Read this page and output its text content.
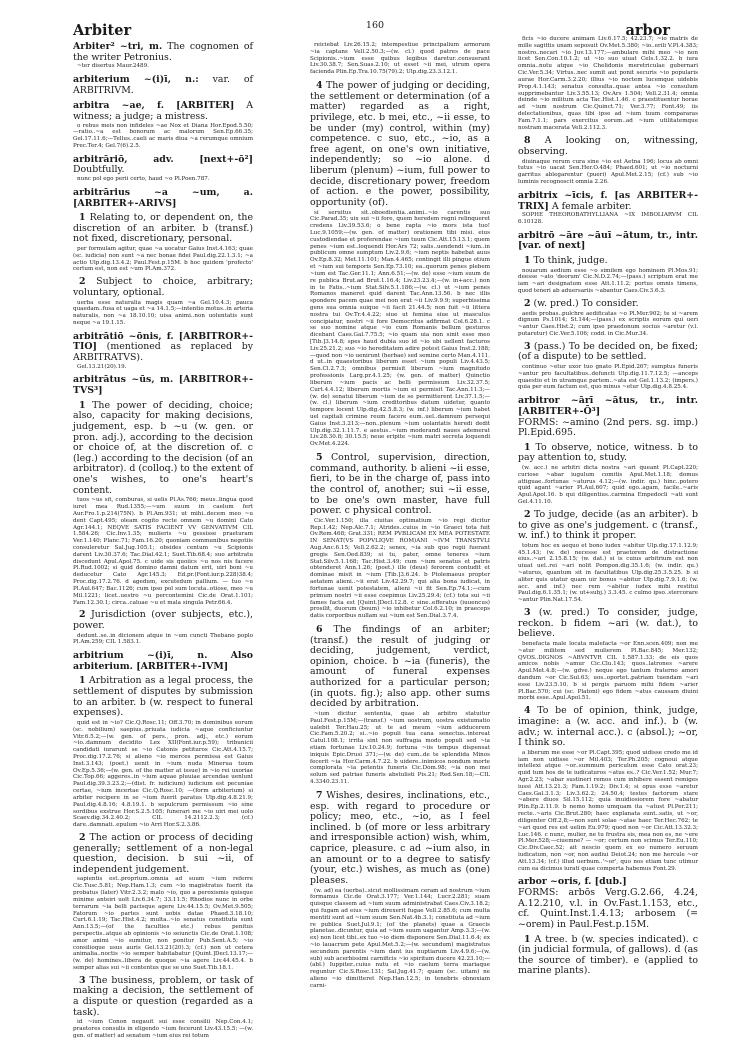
Arbiter	160	arbor
Arbiter² ~tri, m. The cognomen of the writer Petronius.
~ter disertus Maur.2489.
arbiterium ~(i)ī, n.: var. of ARBITRIVM.
arbitra ~ae, f. [ARBITER] A witness; a judge; a mistress.
o rebus meis non infideles ~ae Nox et Diana Hor.Epod.5.50;—ratio..~a est bonorum ac malorum Sen.Ep.66.35; Gel.17.11.6;—Tellus..caeli ac maris diua ~a rerumque omnium Prec.Ter.4; Gel.7(6).2.5.
arbitrāriō, adv. [next+-ō²] Doubtfully.
nunc pol ego perii certo, haud ~o Pl.Poen.787.
arbitrārius ~a ~um, a. [ARBITER+-ARIVS]
1 Relating to, or dependent on, the discretion of an arbiter. b (transf.) not fixed, discretionary, personal.
per formulam agitur, quae ~a uocatur Gaius Inst.4.163; quae (sc. iudicia) non sunt ~a nec bonae fidei Paul.dig.22.1.3.1; ~a actio Ulp.dig.13.4.2; Paul.Fest.p.15M. b hoc quidem 'profecto' certum est, non est ~um Pl.Am.372.
2 Subject to choice, arbitrary; voluntary, optional.
uerba esse naturalia magis quam ~a Gel.10.4.3; pauca quaedam..fusa et uaga et ~a 14.1.5;—intentio motus..in arteria naturalis, non ~a 18.10.10; uisa animi..non uoluntatis sunt neque ~a 19.1.15.
arbitrātiō ~ōnis, f. [ARBITROR+-TIO] (mentioned as replaced by ARBITRATVS).
Gel.13.21(20).19.
arbitrātus ~ūs, m. [ARBITROR+-TVS³]
1 The power of deciding, choice; also, capacity for making decisions, judgement, esp. b ~u (w. gen. or pron. adj.), according to the decision or choice of, at the discretion of. c (leg.) according to the decision (of an arbitrator). d (colloq.) to the extent of one's wishes, to one's heart's content.
tuos ~us sit, comburas, si uelis Pl.As.766; meus..lingua quod iuret mea Rud.1355;—~um suum in caelum fert Aur.Fro.1.p.214(75N). b Pl.Am.931; ut mihi..decem meo ~u dent Capt.495; oleam cogito recte omnem ~u domini Cato Agr.144.1; NEQVE SATIS FACIENT VV GENVATIVM CIL 1.584.26; Cic.Inv.1.35; mulieris ~u gessisse praeturam Ver.1.140; Planc.71; Fam.16.20; quoniam communibus negotiis consuleretur Sal.Jug.105.1; obsides centum ~u Scipionis darent Liv.30.37.6; Tac.Dial.42.1; Suet.Tib.68.4; suo arbitratu discedunt Apul.Apol.75. c uide sis quoiics ~u nos nis facere Pl.Rud.1002; si quid domino damni datum erit, uiri boni ~u deducetur Cato Agr.145.3; Ed.pr.(Font.iur.p.228)38.4; Proc.dig.17.2.76. d agedum, excutedum pallium. — tuo ~u Pl.Aul.647; Bac.1126; cum ipso pol sum locuta..otiose, meo ~u Mil.1221; licet..uestro ~u percontemini Cic.de Orat.1.101; Fam.12.30.1; circa..caluae ~u et mala singula Petr.66.4.
2 Jurisdiction (over subjects, etc.), power.
dedunt..se..in dicionem atque in ~um cuncti Thebano poplo Pl.Am.259; CIL 1.583.1.
arbitrium ~(i)ī, n. Also arbiterium. [ARBITER+-IVM]
1 Arbitration as a legal process, the settlement of disputes by submission to an arbiter. b (w. respect to funeral expenses).
quid est in ~io? Cic.Q.Rosc.11; Off.3.70; in dominibus eorum (sc. nobilium) saepius..priuata iudicia ~aque conficiuntur Vitr.6.5.2;—(w. gen. of pers., pron. adj., etc.) eorum ~io..damnum decidito Lex XII(Font.iur.p.59); tribunicii candidati iurarunt se ~io Catonis petituros Cic.Att.4.15.7; Proc.dig.17.2.76; si alieno ~io merces permissa est Gaius Inst.3.143; (poet.) uenit in ~ium nuda Minerua tuum Ov.Ep.5.36;—(w. gen. of the matter at issue) in ~io rei uxoriae Cic.Top.66; aggeres..in ~ium aquae pluuiae arcendae uenlunt Paul.dig.39.3.23.2;—(dist. fr. iudicium) iudicium est pecuniae certae, ~ium incertae Cic.Q.Rosc.10; —(form arbiterium) si arbiter recipere in se ~ium fuerit paratus Ulp.dig.4.8.21.9; Paul.dig.4.8.16; 4.8.19.1. b sepulcrum permissum ~io sine sordibus exstrue Hor.S.2.5.105; funerari me ~io uiri mei uolo Scaev.dig.34.2.40.2; CIL 14.2112.2.3; (cf.) dare..damnati..epulum ~io Arri Hor.S.2.3.86.
2 The action or process of deciding generally; settlement of a non-legal question, decision. b sui ~ii, of independent judgement.
sapientis est..proprium..omnia ad suum ~ium referre Cic.Tusc.5.81; Nep.Ham.1.3; cum ~io magistratus fuerit ita probatus (later) Vitr.2.3.2; malo ~io, quo a peroxismis quisque minime anteiri uolt Liv.6.34.7; 33.11.5; Rhodios nunc in orbe terrarum ~ia belli pacisque agere Liv.44.15.5; Ov.Met.9.505; Fatorum ~io partes sunt uobis datae Phaed.3.18.10; Curt.6.1.19; Tac.Hist.4.2; multa..~io senatus constituta sunt Ann.13.5;—(of the faculties etc.) rebus penitus perspectis..atque ab opinionis ~io seiunctis Cic.de Orat.1.108; amor animi ~io sumitur, non ponitur Pub.Sent.A.5; ~io consilioque usus auris Gel.13.21(20).3; (cf.) non ut cetera animalia..noctis ~io semper habitabatur [Quint.]Decl.13.17;—(w. de) homines..libera de quoque ~ia agere Liv.44.45.4. b semper alias sui ~ii contentus que se uno Suet.Tib.18.1.
3 The business, problem, or task of making a decision, the settlement of a dispute or question (regarded as a task).
id ~ium Conon negauit sui esse consilii Nep.Con.4.1; praetores consulis in eligendo ~ium fecerunt Liv.43.15.5; —(w. gen. of matter) ad senatum ~ium eius rei totum
reiciebat Liv.26.15.2; intempestiue principalium armorum ~ia captans Vell.2.50.3;—(w. cl.) quod patres de pace Scipionis..~ium esse quibus legibus daretur..censuerant Liv.30.38.7; Sen.Suas.2.10; ut esset ~ii mei, utrum opera facienda Plin.Ep.Tra.10.75(79).2; Ulp.dig.23.3.12.1.
4 The power of judging or deciding, the settlement or determination (of a matter) regarded as a right, privilege, etc. b mei, etc., ~ii esse, to be under (my) control, within (my) competence. c suo, etc., ~io, as a free agent, on one's own initiative, independently; so ~io alone. d liberum (plenum) ~ium, full power to decide, discretionary power, freedom of action. e the power, possibility, opportunity (of).
si seruitus sit..oboedientia..animi..~io carentis suo Cic.Parad.35; uix sui ~ii fore, quem heredem regni relinqueret credens Liv.39.53.6; o bene rapta ~io mors ista tuo! Luc.9.1059;—(w. gen. of matter) orationem tibi misi. eius custodiendae et proferendae ~ium tuum Cic.Att.15.13.1; quem penes ~ium est..loquendi Hor.Ars 72; salis..uendendi ~ium..in publicum omne sumptum Liv.2.9.6; ~ium neptis habebat auus Ov.Ep.8.32; Met.11.101; Man.4.465; contingit illi pingue otium et ~ium sui temporis Sen.Ep.73.10; ea..quorum penes plebem ~ium est Tac.Ger.11.1; Ann.6.51;—(w. de) esse ~ium suum de re publica Brut.ad Brut.1.16.4; Liv.23.23.4;—(w. in+acc.) non in te Fatis..~ium Stat.Silv.5.1.186;—(w. cl.) ut ~ium penes Romanos maneret quid darent Tac.Ann.13.56. b nec illis spondere pacem quae mei non erat ~ii Liv.9.9.9; superbissima gens sua omnia suique ~ii facit 21.44.5; non fuit ~ii littera nostra tui Ov.Tr.4.4.22; siue ut femina siue ut masculus concipiatur, nostri ~ii fore Democritus adfirmat Col.6.28.1. c se suo nomine atque ~io cum Romanis bellum gesturos dicebant Caes.Gal.7.75.5; ~io quam uia non sinit esse meo [Tib.]3.14.8; spes haud dubia suo id ~io ubi uellent facturos Liv.25.21.2; suo ~io hereditatem adire potest Gaius Inst.2.188;—quod non ~io uenirunt (herbae) sed semine certo Man.4.111. d ut..in quaestoribus liberum esset ~ium populi Liv.4.43.5; Sen.Cl.2.7.3; omnibus permisit liberum ~ium magnitudo professionis Larg.pr.4.1.25; (w. gen. of matter) Quinctio liberum ~ium pacis ac belli permissum Liv.32.37.5; Curt.4.4.12; liberum mortis ~ium ei permisit Tac.Ann.11.3;—(w. de) senatui liberum ~ium de se permitterent Liv.37.1.5;—(w. cl.) liberum ~ium creditoribus datum uidetur, quanto tempore locent Ulp.dig.42.5.8.3; (w. inf.) liberum ~ium habet uel capitali crimine reum facere eum..uel..damnum persequi Gaius Inst.3.213;—non..plenum ~ium uolantatis heredi dedit Ulp.dig.32.1.11.7. e aestus..~ium moderandi naues ademerat Liv.28.30.8; 30.15.5; neue eripite ~ium matri secreta loquendi Ov.Met.4.224.
5 Control, supervision, direction, command, authority. b alieni ~ii esse, fieri, to be in the charge of, pass into the control of, another; sui ~ii esse, to be one's own master, have full power. c physical control.
Cic.Ver.1.150; illa ciuitas optimatium ~io regi dicitur Rep.1.42; Nep.Alc.7.1; Atrides..cuius in ~io Graeci tota fuit Ov.Rem.468; Grat.331; REM PVBLICAM EX MEA POTESTATE IN SENAT(VS POPVLIQVE ROM)ANI ~IVM TRANSTVLI Aug.Anc.6.15; Vell.2.62.2; senex, ~ia sub quo regii fuerant gregis Sen.Oed.839; si tu, pater, omne teneres ~ium Stat.Silv.5.1.168; Tac.Hist.3.49; cum ~ium senatus et patris obtenderet Ann.1.26; (poet.) ille (deus) ferorem contudit et dominae misit in ~ium [Tib.]3.6.24. b Ptolemaeus propter aetatem alieni..~ii erat Liv.42.29.7; qui alia bona iudicat, in fortunae uenit potestatem, alieni ~ii fit Sen.Ep.74.1;—cum primum nostri ~ii esse coepimus Liv.25.29.4; (cf.) tota sui ~ii fames facta est [Quint.]Decl.12.8. c sine..efferatus (iuuencus) prosilit, duorum (boum) ~io inhibetur Col.6.2.10; in praeceps datis corporibus nullam sui ~ium est Sen.Dial.3.7.4.
6 The findings of an arbiter; (transf.) the result of judging or deciding, judgement, verdict, opinion, choice. b ~ia (funeris), the amount of funeral expenses authorized for a particular person; (in quots. fig.); also app. other sums decided by arbitration.
~ium dicitur sententia, quae ab arbitro statuitur Paul.Fest.p.15M;—(transf.) ~ium uostrum, uostra existumatio ualebit Ter.Hau.25; ut te ad meum ~ium adducerem Cic.Fam.5.20.2; si..~io populi tua cana senectus..intereat Catul.108.1; irrita sint non suffragia modo populi sed ~ia etiam fortunae Liv.10.24.9; fortuna ~iis tempus dispensat iniquis Epic.Drusi 371;—(w. de) cum..de te splendida Minos fecerit ~ia Hor.Carm.4.7.22. b uidere..inimicos nondum morte complorata ~ia petentis funeris Cic.Dom.98; ~ia non mei solum sed patriae funeris abstulisti Pis.21; Red.Sen.18;—CIL 4.3340.23.11.
7 Wishes, desires, inclinations, etc., esp. with regard to procedure or policy; meo, etc., ~io, as I feel inclined. b (of more or less arbitrary and irresponsible action) wish, whim, caprice, pleasure. c ad ~ium also, in an amount or to a degree to satisfy (your, etc.) wishes, as much as (one) pleases.
(w. ad) ea (uerba)..sicut mollissimam ceram ad nostrum ~ium formamus Cic.de Orat.3.177; Ver.1.144; Lucr.2.281; suam quisque classem ad ~ium suum administrabat Caes.Civ.3.18.2; qui fugam ad eius ~ium direxerit fugae Vell.2.85.6; cum multa mentiti sunt ad ~ium suum Sen.Nat.4b.3.1; constituta ad ~ium re publica Suet.Jul.9.1; (of the planets) quae a Graecis planetae..dicuntur, quia ad ~ium suum uagantur Amp.3.3;—(w. ex) non licet tibi..ex tuo ~io diem disponere Sen.Dial.11.6.4; ex ~io lauacrum pete Apul.Met.5.2;—(w. secundum) magistratus secundum parentis ~ium dant ius nuptiarum Liv.4.9.6;—(w. sub) sub acerbissimi carnificis ~io spiritum ducere 42.23.10;—(abl.) Iuppiter..cuius nutu et ~io caelum terra mariaque reguntur Cic.S.Rosc.131; Sal.Jug.41.7; quam (sc. uitam) ne alieno ~io dimitteret Nep.Han.12.5; in tenebris obnoxiam carni-
ficis ~io ducere animam Liv.6.17.5; 42.23.7; ~io matris de mille sagittis unam seposuit Ov.Met.5.380; ~io..erili V.Pl.4.383; nostro..necari ~io Juv.13.177;—ambulare mihi meo ~io non licet Sen.Con.10.1.2; ut ~io suo uiuat Cels.1.32.2. b iura omnia..nutu atque ~io Chelidonis meretriculae gubernari Cic.Ver.5.34; Virtus..nec sumit aut ponit securis ~io popularis aurae Hor.Carm.3.2.20; illius ~io noctem lucemque uidebis Prop.4.1.143; senatus consulta..quae antea ~io consulum supprimebantur Liv.3.55.13; Ov.Ars 1.504; Vell.2.31.4; omnia deinde ~io militum acta Tac.Hist.1.46. c praestituentur horae ad ~ium nostrum Cic.Quinct.71; Ver.3.77; Font.49; iis delectationibus, quas tibi ipse ad ~ium tuum compararas Fam.7.1.1; pars exercitus eorum..ad ~ium utilitatemque nostram macerata Vell.2.112.3.
8 A looking on, witnessing, observing.
diuinaque rerum cura sine ~io est Aetna 196; locus ab omni tutus ~io uacat Sen.Her.O.484; Phaed.601; ut ~io nocturni garritus ablegarentur (pueri) Apul.Met.2.15; (cf.) sub ~io luminis recognoscit omnia 2.26.
arbitrix ~īcis, f. [as ARBITER+-TRIX] A female arbiter.
SOPHE THEOROBATHYLLIANA ~IX IMBOLIARVM CIL 6.10128.
arbitrō ~āre ~āuī ~ātum, tr., intr. [var. of next]
1 To think, judge.
nouarum aedium esse ~o similem ego hominem Pl.Mos.91; deesse ~ato 'deorum' Cic.N.D.2.74;—(pass.) scriptum erat me iam ~ari designatum esse Att.1.11.2; portus omnis timens, quod teneri ab aduersariis ~abantur Caes.Civ.3.6.3.
2 (w. pred.) To consider.
aedis probas..pulchre aedificatas ~o Pl.Mer.902; te si ~arem dignum Ps.1014; St.144;—(pass.) ex scriptis eorum qui ueri ~antur Caes.Hist.2; cum ipse praedonum socius ~aretur (v.l. putaretur) Cic.Ver.5.106; codd. in Cic.Mur.34.
3 (pass.) To be decided on, be fixed; (of a dispute) to be settled.
continuo ~etur uxor tuo gnato Pl.Epid.267; sumptus funeris ~antur pro facultatibus..defuncti Ulp.dig.11.7.12.5; —anceps quaestio et in utramque partem..~ata est Gel.1.13.2; (impers.) quia per eum factum est, quo minus ~etur Ulp.dig.4.8.25.4.
arbitror ~ārī ~ātus, tr., intr. [ARBITER+-Ō³]
FORMS: ~amino (2nd pers. sg. imp.) Pl.Epid.695.
1 To observe, notice, witness. b to pay attention to, study.
(w. acc.) ne arbitri dicta nostra ~ari queant Pl.Capt.220; curiose ~abar iugulum comitis Apul.Met.1.18; domus attiguae..fortunas ~aturus 4.12;—(w. indir. qu.) hinc..potero quid agant ~arier Pl.Aul.607; quid ego..agam, facile..~aris Apul.Apol.16. b qui diligentius..carmina Empedocli ~ati sunt Gel.4.11.10.
2 To judge, decide (as an arbiter). b to give as one's judgement. c (transf., w. inf.) to think it proper.
totum hoc ex aequo et bono iudex ~abitur Ulp.dig.17.1.12.9; 45.1.43; (w. de) necesse est praetorem de distractione eius..~ari 2.15.8.15; (w. dat.) si is cuius arbitrium est non uiuat uel..rei ~ari nolit Pompon.dig.35.1.6; (w. indir. qu.) ~aturus, quantum sit in facultatibus Ulp.dig.25.3.5.25. b si aliter quis utatur quam uir bonus ~abitur Ulp.dig.7.9.1.6; (w. acc. and inf.) nec rem ~abitur iudex mihi restitui Paul.dig.6.1.35.1; (w. ut+subj.) 3.3.45. c culmo ipso..stercorare ~antur Plin.Nat.17.54.
3 (w. pred.) To consider, judge, reckon. b fidem ~ari (w. dat.), to believe.
benefacta male locata malefacta ~or Enn.scen.409; non me ~atur militem sed mulierem Pl.Bac.845; Mer.132; QVOS..DIGNOS ~ABVNTVR CIL 1.587.1.33; de eis quos amicos nobis ~amur Cic.Clu.143; quos..latrones ~arere Apul.Met.4.8;—(w. gdve.) neque ego tantum fraterno amori dandum ~or Cic.Sul.63; uos..oportet..patriam tuendam ~ari esse Liv.23.5.10. b si pergis paruom mihi fidem ~arier Pl.Bac.570; cui (sc. Platoni) ego fidem ~atus caussam diuini morbi esse..Apul.Apol.51.
4 To be of opinion, think, judge, imagine: a (w. acc. and inf.). b (w. adv.; w. internal acc.). c (absol.); ~or, I think so.
a liberum me esse ~or Pl.Capt.395; quod uidisse credo me id iam non uidisse ~or Mil.403; Ter.Ph.205; cognoui atque intellexi atque ~or..summum periculum esse Cato orat.23; quid tum hos de te iudicaturos ~atus es..? Cic.Ver.1.52; Mur.7; Agr.2.23; ~abar sustineri remos cum inhibere essent remiges iussi Att.13.21.3; Fam.1.19.2; Div.1.4; si opus esse ~aretur Caes.Gal.3.1.3; Liv.3.62.2; 24.50.4; testes factorum stare ~abere diuos Sil.15.112; quia inuidiosiorem fore ~abatur Plin.Ep.2.11.9. b nemo homo umquam ita ~atust Pl.Per.211; recte..~aris Cic.Brut.280; haec explanata sunt..satis, ut ~or, diligenter Off.2,8;—non sunt solae ~atae haec Ter.Hec.762; te ~ari quod res est uelim Eu.979; quod non ~or Cic.Att.13.32.3; Luc.146. c nunc, mulier, ne tu frustra sis, mea non es, ne ~ere Pl.Mer.528;—ciuemne? — ~or; certum non scimus Ter.Eu.110; Cic.Div.Caec.52; ait nescio quem ex eo numero seruum iudicatum, non ~or, non audiui Deiot.24; non me hercule ~or Att.13.34; (cf.) illud uerbum..'~or', quo nos etiam tunc utimur cum ea dicimus iurati quae comperta habemus Font.29.
arbor ~oris, f. [dub.]
FORMS: arbōs Verg.G.2.66, 4.24, A.12.210, v.l. in Ov.Fast.1.153, etc., cf. Quint.Inst.1.4.13; arbosem (= ~orem) in Paul.Fest.p.15M.
1 A tree. b (w. species indicated). c (in judicial formula, of gallows). d (as the source of timber). e (applied to marine plants).
